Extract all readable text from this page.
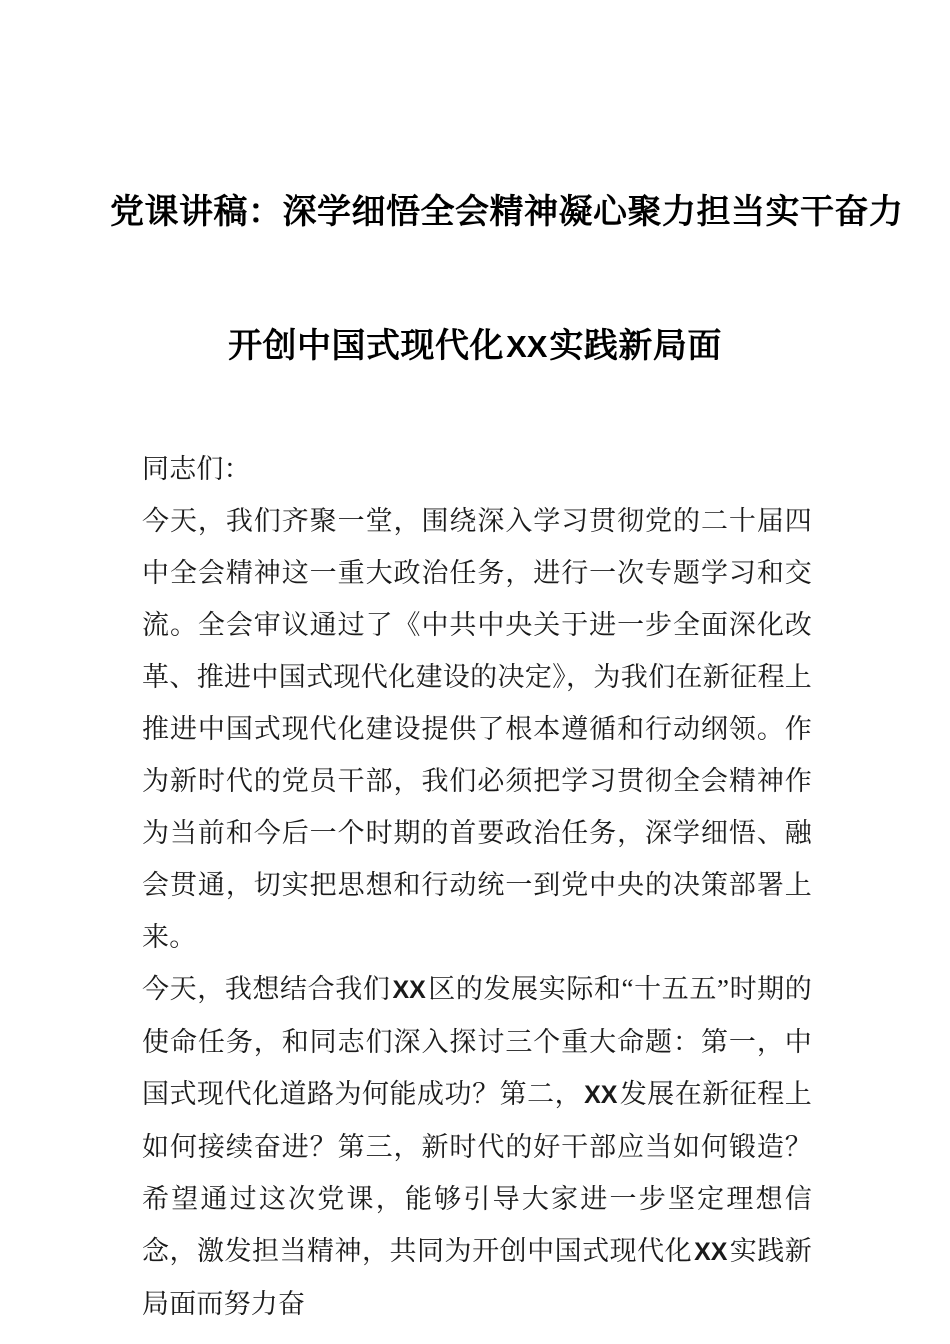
党课讲稿：深学细悟全会精神凝心聚力担当实干奋力
开创中国式现代化XX实践新局面

同志们：

今天，我们齐聚一堂，围绕深入学习贯彻党的二十届四中全会精神这一重大政治任务，进行一次专题学习和交流。全会审议通过了《中共中央关于进一步全面深化改革、推进中国式现代化建设的决定》，为我们在新征程上推进中国式现代化建设提供了根本遵循和行动纲领。作为新时代的党员干部，我们必须把学习贯彻全会精神作为当前和今后一个时期的首要政治任务，深学细悟、融会贯通，切实把思想和行动统一到党中央的决策部署上来。

今天，我想结合我们XX区的发展实际和“十五五”时期的使命任务，和同志们深入探讨三个重大命题：第一，中国式现代化道路为何能成功？第二，XX发展在新征程上如何接续奋进？第三，新时代的好干部应当如何锻造？希望通过这次党课，能够引导大家进一步坚定理想信念，激发担当精神，共同为开创中国式现代化XX实践新局面而努力奋
